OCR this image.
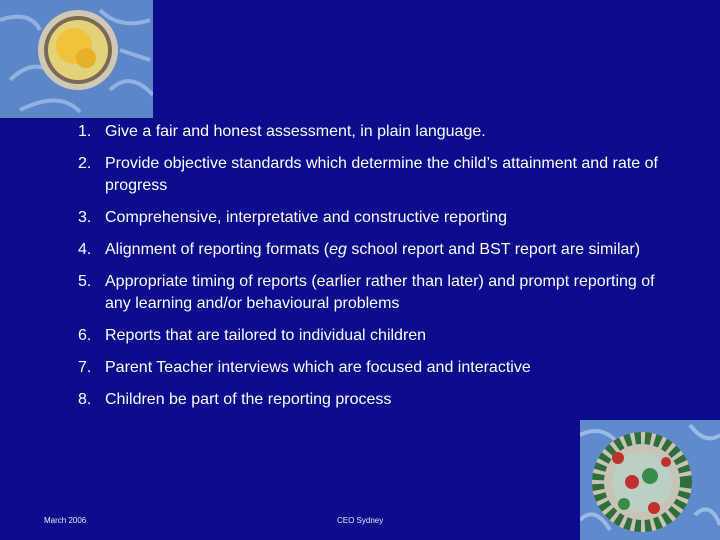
1. Give a fair and honest assessment, in plain language.
2. Provide objective standards which determine the child’s attainment and rate of progress
3. Comprehensive, interpretative and constructive reporting
4. Alignment of reporting formats (eg school report and BST report are similar)
5. Appropriate timing of reports (earlier rather than later) and prompt reporting of any learning and/or behavioural problems
6. Reports that are tailored to individual children
7. Parent Teacher interviews which are focused and interactive
8. Children be part of the reporting process
March 2006	CEO Sydney
